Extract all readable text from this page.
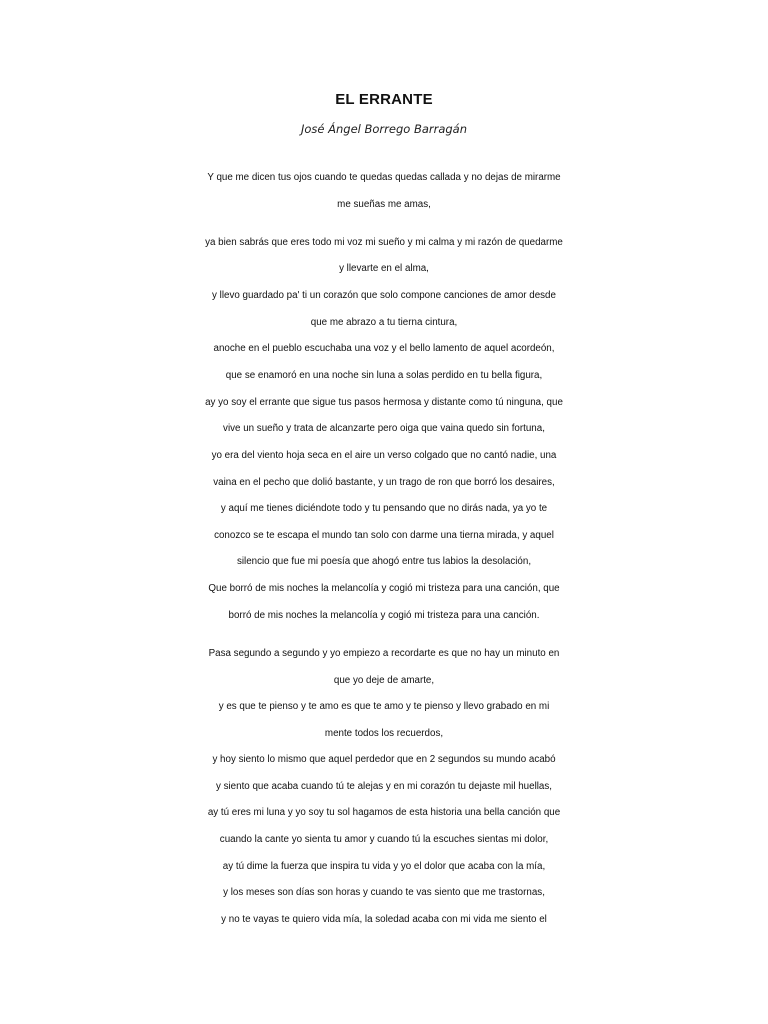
EL ERRANTE
José Ángel Borrego Barragán
Y que me dicen tus ojos cuando te quedas quedas callada y no dejas de mirarme
me sueñas me amas,
ya bien sabrás que eres todo mi voz mi sueño y mi calma y mi razón de quedarme
y llevarte en el alma,
y llevo guardado pa' ti un corazón que solo compone canciones de amor desde
que me abrazo a tu tierna cintura,
anoche en el pueblo escuchaba una voz y el bello lamento de aquel acordeón,
que se enamoró en una noche sin luna a solas perdido en tu bella figura,
ay yo soy el errante que sigue tus pasos hermosa y distante como tú ninguna, que
vive un sueño y trata de alcanzarte pero oiga que vaina quedo sin fortuna,
yo era del viento hoja seca en el aire un verso colgado que no cantó nadie, una
vaina en el pecho que dolió bastante, y un trago de ron que borró los desaires,
y aquí me tienes diciéndote todo y tu pensando que no dirás nada, ya yo te
conozco se te escapa el mundo tan solo con darme una tierna mirada, y aquel
silencio que fue mi poesía que ahogó entre tus labios la desolación,
Que borró de mis noches la melancolía y cogió mi tristeza para una canción, que
borró de mis noches la melancolía y cogió mi tristeza para una canción.
Pasa segundo a segundo y yo empiezo a recordarte es que no hay un minuto en
que yo deje de amarte,
y es que te pienso y te amo es que te amo y te pienso y llevo grabado en mi
mente todos los recuerdos,
y hoy siento lo mismo que aquel perdedor que en 2 segundos su mundo acabó
y siento que acaba cuando tú te alejas y en mi corazón tu dejaste mil huellas,
ay tú eres mi luna y yo soy tu sol hagamos de esta historia una bella canción que
cuando la cante yo sienta tu amor y cuando tú la escuches sientas mi dolor,
ay tú dime la fuerza que inspira tu vida y yo el dolor que acaba con la mía,
y los meses son días son horas y cuando te vas siento que me trastornas,
y no te vayas te quiero vida mía, la soledad acaba con mi vida me siento el
